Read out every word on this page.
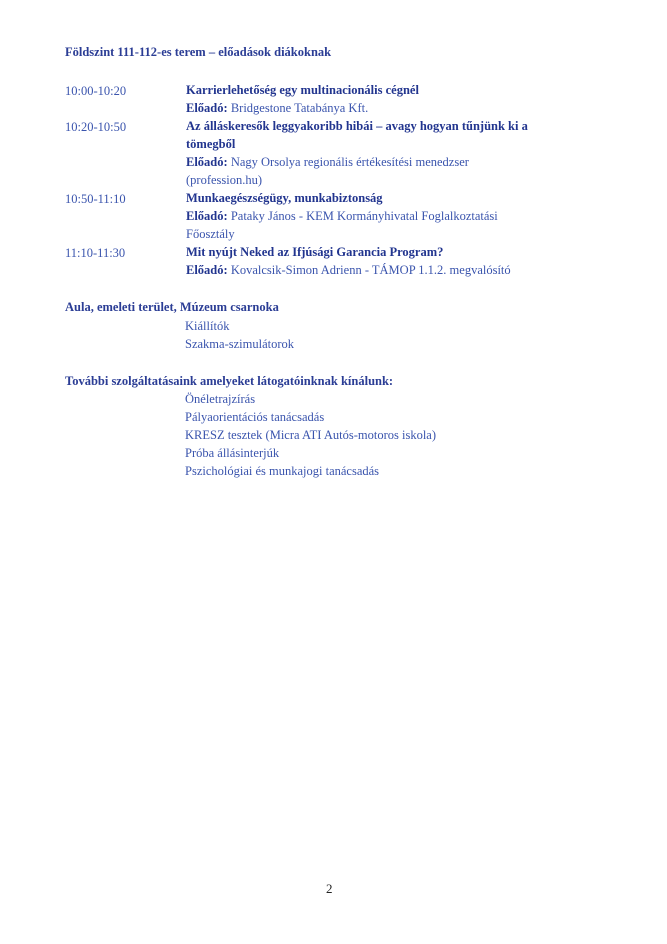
Földszint 111-112-es terem – előadások diákoknak
10:00-10:20	Karrierlehetőség egy multinacionális cégnél
Előadó: Bridgestone Tatabánya Kft.
10:20-10:50	Az álláskeresők leggyakoribb hibái – avagy hogyan tűnjünk ki a
tömegből
Előadó: Nagy Orsolya regionális értékesítési menedzser
(profession.hu)
10:50-11:10	Munkaegészségügy, munkabiztonság
Előadó: Pataky János - KEM Kormányhivatal Foglalkoztatási
Főosztály
11:10-11:30	Mit nyújt Neked az Ifjúsági Garancia Program?
Előadó: Kovalcsik-Simon Adrienn - TÁMOP 1.1.2. megvalósító
Aula, emeleti terület, Múzeum csarnoka
Kiállítók
Szakma-szimulátorok
További szolgáltatásaink amelyeket látogatóinknak kínálunk:
Önéletrajzírás
Pályaorientációs tanácsadás
KRESZ tesztek (Micra ATI Autós-motoros iskola)
Próba állásinterjúk
Pszichológiai és munkajogi tanácsadás
2
